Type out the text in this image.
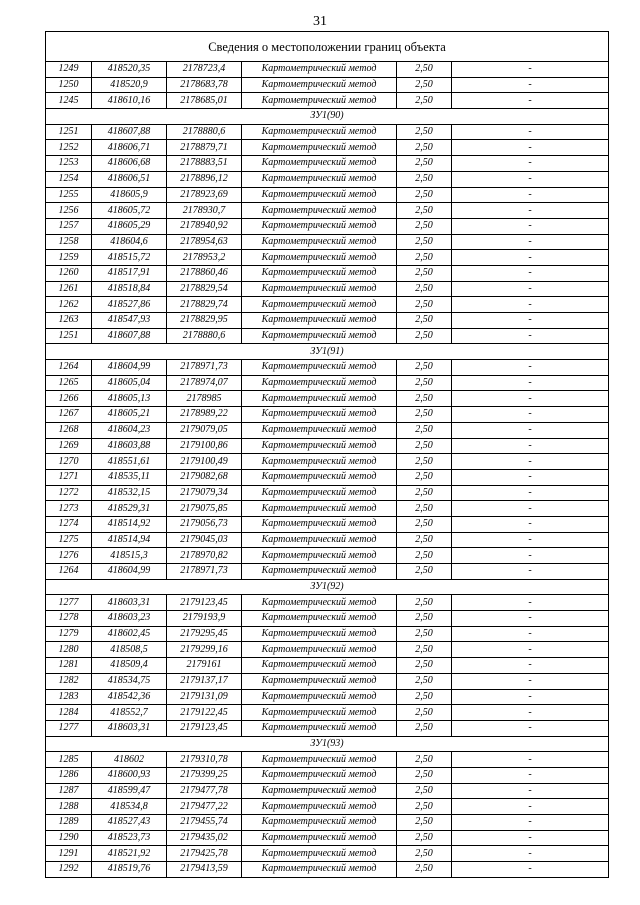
31
Сведения о местоположении границ объекта					
1249	418520,35	2178723,4	Картометрический метод	2,50	-
1250	418520,9	2178683,78	Картометрический метод	2,50	-
1245	418610,16	2178685,01	Картометрический метод	2,50	-
ЗУ1(90)					
1251	418607,88	2178880,6	Картометрический метод	2,50	-
1252	418606,71	2178879,71	Картометрический метод	2,50	-
1253	418606,68	2178883,51	Картометрический метод	2,50	-
1254	418606,51	2178896,12	Картометрический метод	2,50	-
1255	418605,9	2178923,69	Картометрический метод	2,50	-
1256	418605,72	2178930,7	Картометрический метод	2,50	-
1257	418605,29	2178940,92	Картометрический метод	2,50	-
1258	418604,6	2178954,63	Картометрический метод	2,50	-
1259	418515,72	2178953,2	Картометрический метод	2,50	-
1260	418517,91	2178860,46	Картометрический метод	2,50	-
1261	418518,84	2178829,54	Картометрический метод	2,50	-
1262	418527,86	2178829,74	Картометрический метод	2,50	-
1263	418547,93	2178829,95	Картометрический метод	2,50	-
1251	418607,88	2178880,6	Картометрический метод	2,50	-
ЗУ1(91)					
1264	418604,99	2178971,73	Картометрический метод	2,50	-
1265	418605,04	2178974,07	Картометрический метод	2,50	-
1266	418605,13	2178985	Картометрический метод	2,50	-
1267	418605,21	2178989,22	Картометрический метод	2,50	-
1268	418604,23	2179079,05	Картометрический метод	2,50	-
1269	418603,88	2179100,86	Картометрический метод	2,50	-
1270	418551,61	2179100,49	Картометрический метод	2,50	-
1271	418535,11	2179082,68	Картометрический метод	2,50	-
1272	418532,15	2179079,34	Картометрический метод	2,50	-
1273	418529,31	2179075,85	Картометрический метод	2,50	-
1274	418514,92	2179056,73	Картометрический метод	2,50	-
1275	418514,94	2179045,03	Картометрический метод	2,50	-
1276	418515,3	2178970,82	Картометрический метод	2,50	-
1264	418604,99	2178971,73	Картометрический метод	2,50	-
ЗУ1(92)					
1277	418603,31	2179123,45	Картометрический метод	2,50	-
1278	418603,23	2179193,9	Картометрический метод	2,50	-
1279	418602,45	2179295,45	Картометрический метод	2,50	-
1280	418508,5	2179299,16	Картометрический метод	2,50	-
1281	418509,4	2179161	Картометрический метод	2,50	-
1282	418534,75	2179137,17	Картометрический метод	2,50	-
1283	418542,36	2179131,09	Картометрический метод	2,50	-
1284	418552,7	2179122,45	Картометрический метод	2,50	-
1277	418603,31	2179123,45	Картометрический метод	2,50	-
ЗУ1(93)					
1285	418602	2179310,78	Картометрический метод	2,50	-
1286	418600,93	2179399,25	Картометрический метод	2,50	-
1287	418599,47	2179477,78	Картометрический метод	2,50	-
1288	418534,8	2179477,22	Картометрический метод	2,50	-
1289	418527,43	2179455,74	Картометрический метод	2,50	-
1290	418523,73	2179435,02	Картометрический метод	2,50	-
1291	418521,92	2179425,78	Картометрический метод	2,50	-
1292	418519,76	2179413,59	Картометрический метод	2,50	-
